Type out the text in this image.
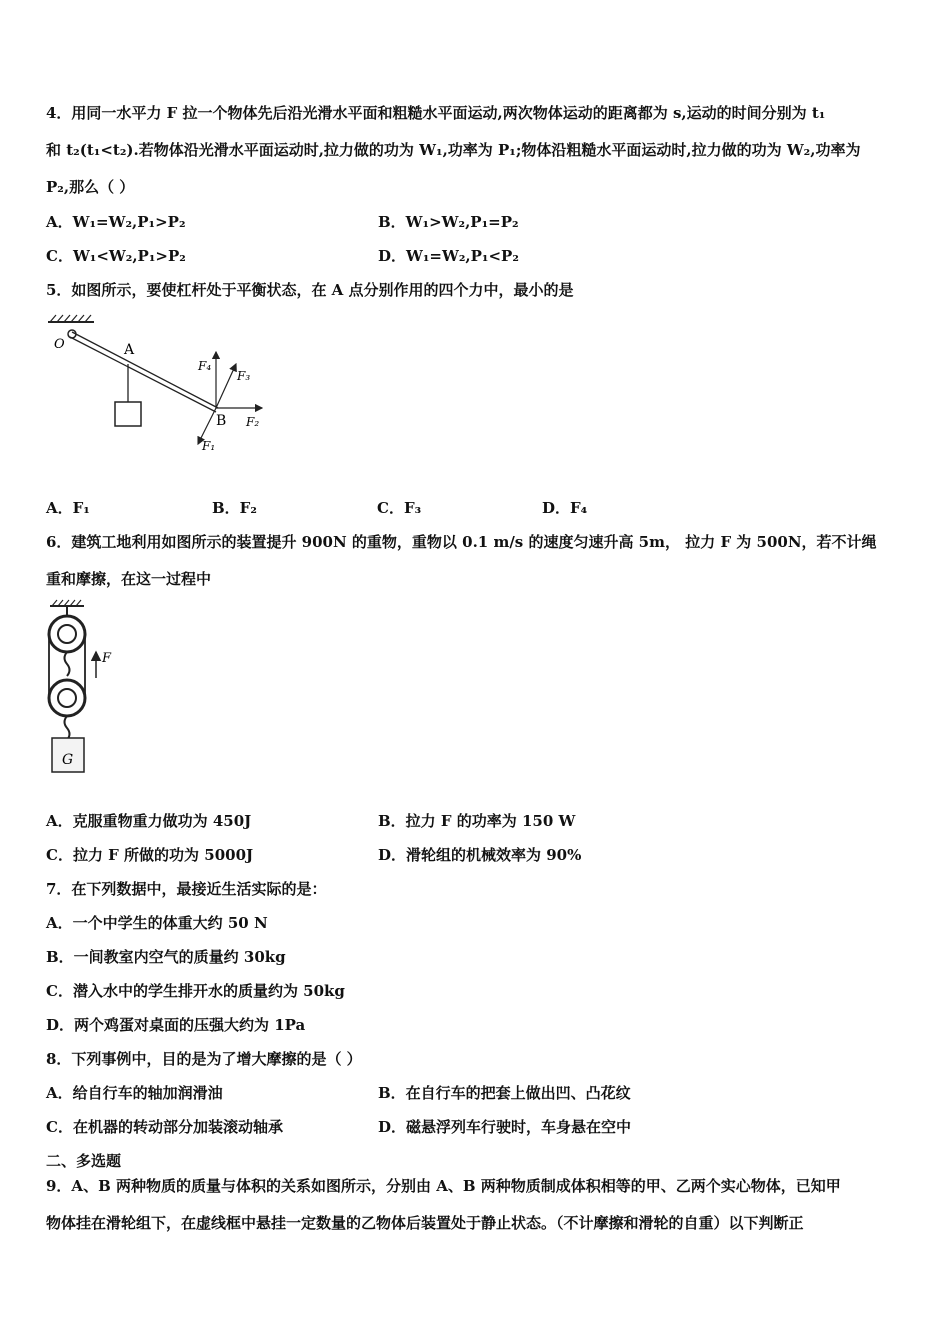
4．用同一水平力 F 拉一个物体先后沿光滑水平面和粗糙水平面运动,两次物体运动的距离都为 s,运动的时间分别为 t₁
和 t₂(t₁<t₂).若物体沿光滑水平面运动时,拉力做的功为 W₁,功率为 P₁;物体沿粗糙水平面运动时,拉力做的功为 W₂,功率为
P₂,那么（ ）
A．W₁=W₂,P₁>P₂	B．W₁>W₂,P₁=P₂
C．W₁<W₂,P₁>P₂	D．W₁=W₂,P₁<P₂
5．如图所示，要使杠杆处于平衡状态，在 A 点分别作用的四个力中，最小的是
O	A
B
F₄
F₃
F₂
F₁
A．F₁	B．F₂	C．F₃	D．F₄
6．建筑工地利用如图所示的装置提升 900N 的重物，重物以 0.1 m/s 的速度匀速升高 5m， 拉力 F 为 500N，若不计绳
重和摩擦，在这一过程中
F
G
A．克服重物重力做功为 450J	B．拉力 F 的功率为 150 W
C．拉力 F 所做的功为 5000J	D．滑轮组的机械效率为 90%
7．在下列数据中，最接近生活实际的是：
A．一个中学生的体重大约 50 N
B．一间教室内空气的质量约 30kg
C．潜入水中的学生排开水的质量约为 50kg
D．两个鸡蛋对桌面的压强大约为 1Pa
8．下列事例中，目的是为了增大摩擦的是（ ）
A．给自行车的轴加润滑油	B．在自行车的把套上做出凹、凸花纹
C．在机器的转动部分加装滚动轴承	D．磁悬浮列车行驶时，车身悬在空中
二、多选题
9．A、B 两种物质的质量与体积的关系如图所示，分别由 A、B 两种物质制成体积相等的甲、乙两个实心物体，已知甲
物体挂在滑轮组下，在虚线框中悬挂一定数量的乙物体后装置处于静止状态。（不计摩擦和滑轮的自重）以下判断正
